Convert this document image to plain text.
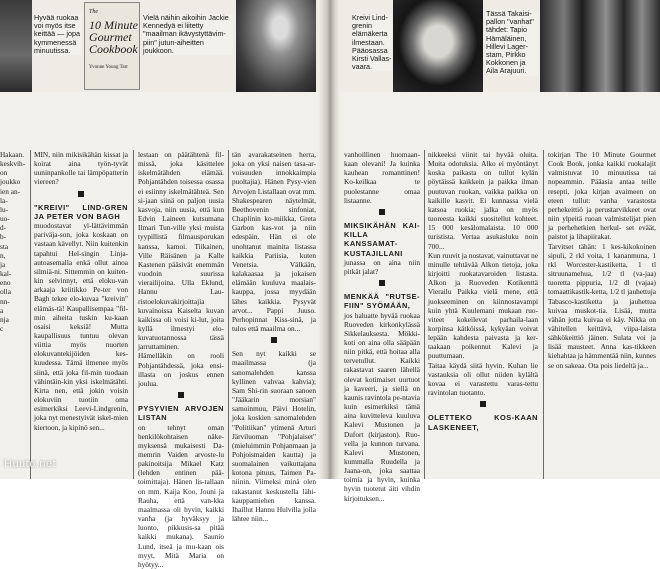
Hyvää ruokaa voi myös itse keittää — jopa kymmenessä minuutissa.
The
10 Minute Gourmet Cookbook
Yvonne Young Tarr
Vielä näihin aikoihin Jackie Kennedyä ei liitetty "maailman ikävystyttävim-piin" jutun-aiheitten joukkoon.
Kreivi Lind-grenin elämäkerta ilmestaan. Pääosassa Kirsti Vallas-vaara.
Tässä Takaisi-pallon "vanhat" tähdet: Tapio Hämäläinen, Hillevi Lager-stam, Pirkko Kokkonen ja Aila Arajuuri.
Hakaan.
keskvih-
on
joukko
ien an-
la-
lu-
uo-
d-
b-
sta
n,
ja
kal-
eno
olla
nn-
a
nja
c

MIN, niin mikisikähän kissat ja koirat aina työn-tyvät uuninpankolle tai lämpöpatterin viereen?

"KREIVI" LIND-GREN JA PETER VON BAGH

muodostavat yl-lättävimmän pariväja-son, joka koskaan on vastaan kävellyt. Niin kuitenkin tapahtui Hel-singin Linja-autoasemalla enkä ollut ainoa silmiä-ni. Sittemmin on kuiten-kin selvinnyt, että eloku-van arkaaja kriitikko Pe-ter von Bagh tekee elo-kuvaa "kreivin" elämäs-tä! Kaupallisempaa "fil-min aiheita tuskin ku-kaan osaisi keksiä! Mutta kaupallisuus tuntuu olevan viittia myös nuorten elokuvantekijöiden kes-kuudessa. Tämä ilmenee myös siinä, että joka fil-min tuodaan vähintäin-kin yksi iskelmätähti. Kirta nen, että jokin voisin elokuviin tuotiin oma esimerkiksi Leevi-Lindgrenin, joka nyt menestyivät iskel-mien kiertoon, ja kipinö sen...

lestaan on päätähtenä fil-missä, joka käsittelee iskelmätähden elämää. Pohjantähden toisessa osassa ei esiinny iskelmätähteä. Sen si-jaan siinä on paljon uusia kasvoja, niin uusia, että kun Edvin Laineen kutsumana Ilmari Tun-ville yksi muista tyypillistä filmausporukan kanssa, kamoi. Tiikainen, Ville Räisänen ja Kalle Kastenen pääsivät enemmän vuodoin suurissa vierailijoina. Ulla Eklund, Hannu Lau-ristoelokuvakirjoittajia kuvainoissa Kaiselta kuvan kaikissa oli voisi ki-lut, joita kyllä ilmestyi elo-kuvatuotannossa tässä jarruttaminen.

Hämelläkin on rooli Pohjantähdessä, joka ensi-illasta on joskus ennen joulua.

PYSYVIEN ARVOJEN LISTAN

on tehnyt oman henkilökohtaisen näke-myksensä mukaisesti Da-memrin Vaiden arvoste-lu pakinoitsija Mikael Katz (lehden entinen pää-toimittaja). Hänen lis-tallaan on mm. Kaija Koo, Jouni ja Rauha, että van-kka maalmassa oli hyvin, kaikki vanha (ja hyväksyy ja luonto, pikkusis-sa pitää kaikki mukana). Saunio Lund, itseä ja mu-kaan ois myyt, Mitä Maria on hyötyy...

tän avarakatseinen herra, joka on yksi naisen tasa-ar-voisuuden innokkaimpia puoltajia). Hänen Pysy-vien Arvojen Listallaan ovat mm. Shakespearen näytelmät, Beethovenin sinfoniat, Chaplinin ko-miikka, Greta Garbon kas-vot ja niin edespäin. Hän ei ole unohtanut mainita listassa kaikkia Pariisia, kuten Venetsia. Välkään, kalakaasaa ja jokaisen elämään kuuluva maalais-kauppa, jossa myydään lähes kaikkia. Pysyvät arvot... Pappi Juuso. Perhopinnat Kiss-sinä, ja tulos että maailma on...

Sen nyt kaikki se maailmassa (ja sanomalehden kanssa kyllinen vahvaa kahvia); Sam Shi-rin suoraan sanoen "Jääkarin morsian" samoinmuu, Päivi Hotelin, joka koskien sanomalehden "Politiikan" ytimenä Arturi Järviluoman "Pohjalaiset" (mieluimmin Pohjanmaan ja Pohjoismaiden kautta) ja suomalainen vaikuttajana kotona pituus, Taimen Pa-niinin. Viimeksi minä olen rakastanut keskustella lähi-kauppamiehen kanssa. Ihaillut Hannu Hulvilla jolla lähtee niin...

vanhoillinen huomaan-kaan olevani! Ja kuinka kauhean romanttinen! Ko-keilkaa te puolestanne omaa listaanne.

MIKSIKÄHÄN KAI-KILLA KANSSAMAT-KUSTAJILLANI

junassa on aina niin pitkät jalat?

MENKÄÄ "RUTSE-FIIN" SYÖMÄÄN,

jos haluatte hyvää ruokaa Ruoveden kirkonkylässä Sikkelauksesta. Mökki-koti on aina olla sääpään niin pitkä, että hoitaa alla tervetullut. Kaikki rakastavat saaren lähellä olevat kotimaiset uurtuot ja kaveeri, ja siellä on kaunis ravintola pe-ntavia kuin esimerkiksi tämä aina kuvitteleva kuuluva Kalevi Mustonen ja Dufort (kirjaston). Ruo-vella ja kunnon turvana. Kalevi Mustonen, kummalla Ruudella ja Jaana-on, joka saattaa toimia ja hyvin, kuinka hyvin tuotetut äiti vihdin kirjoituksen...

nikkeeksi viinit tai hyvää oluita. Muita odotuksia. Alko ei myöntänyt koska paikasta on tullut kylän pöytäissä kaikkein ja paikka ilman puutuvan ruokan, vaikka paikka on kaikille kasvit. Ei kunnassa vielä katsoa ruokia; jalka on myös tuoreesta kaikki suositellut kohteet. 15 000 kesälomalaista. 10 000 turistista. Vertaa asukasluku noin 700...

Kun ruuvit ja nostavat, vainuttavat ne minulle tehtävää Alkon tietoja, joka kirjoitti ruokatavaroiden listasta. Alkon ja Ruoveden Kotikenttä Vierailu Paikka vielä mene, että juokseeminen on kiinnostavampi kuin yhtä Kuulemani mukaan ruo-viteet kokeilevat parhaila-laan korpinsa kätköissä, kykyäan voivat lepään kahdesta paivasta ja ker-taakaan poikennut Kalevi ja puuttumaan.

Taitaa käydä siitä hyvin. Kuhan lie vastauksia oli ollut niiden kylältä kovaa ei varastettu varas-tettu ravintolan tuotanto.

OLETTEKO KOS-KAAN LASKENEET,

tokirjan The 10 Minute Gourmet Cook Book, jonka kaikki ruokalajit valmistuvat 10 minuutissa tai nopeammin. Pääasia antaa teille resepti, joka kirjan avaimeen on eteen tullut: vanha varastosta perhekeittiö ja perustarvikkeet ovat niin ylpeitä ruoan valmistelijat pien ja perhehetkien herkul- set eväät, paistot ja lihapiirakat.

Tarvitset tähän: 1 kes-kikokoinen sipuli, 2 rkl voita, 1 kananmuna, 1 rkl Worcester-kastiketta, 1 tl sitruunamehua, 1/2 tl (va-jaa) tuoretta pippuria, 1/2 dl (vajaa) tomaattikastik-ketta, 1/2 tl jauhettuja Tabasco-kastiketta ja jauhettua kuivaa muskot-tia. Lisää, mutta vähän jotta kuivaa ei käy. Nikka on vähitellen keittävä, viipa-laista sähkökeittiö jäinen. Sulata voi ja lisää mausteet. Anna kas-tikkeen kiehahtaa ja hämmentää niin, kunnes se on sakeaa. Ota pois liedeltä ja...

Huuto.net
